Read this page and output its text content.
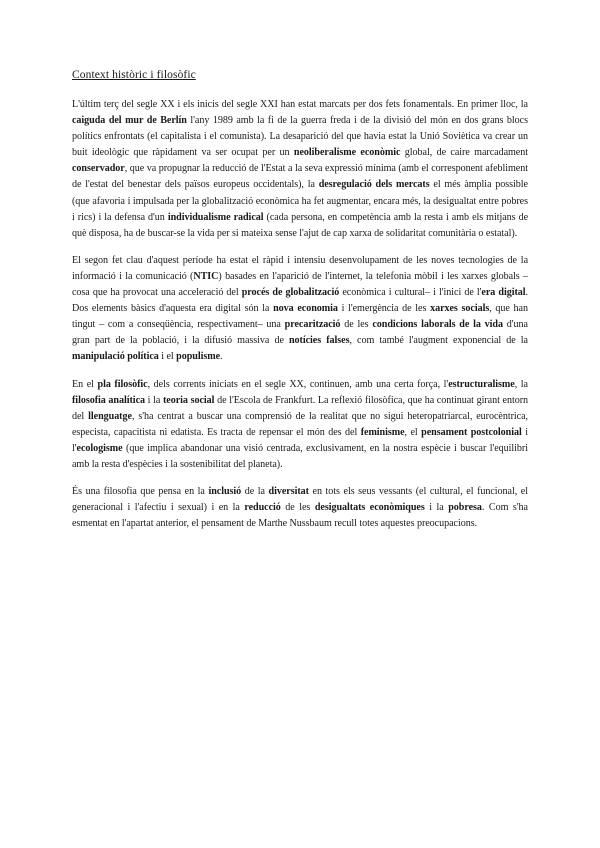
Context històric i filosòfic

L'últim terç del segle XX i els inicis del segle XXI han estat marcats per dos fets fonamentals. En primer lloc, la caiguda del mur de Berlín l'any 1989 amb la fi de la guerra freda i de la divisió del món en dos grans blocs polítics enfrontats (el capitalista i el comunista). La desaparició del que havia estat la Unió Soviètica va crear un buit ideològic que ràpidament va ser ocupat per un neoliberalisme econòmic global, de caire marcadament conservador, que va propugnar la reducció de l'Estat a la seva expressió mínima (amb el corresponent afebliment de l'estat del benestar dels països europeus occidentals), la desregulació dels mercats el més àmplia possible (que afavoria i impulsada per la globalització econòmica ha fet augmentar, encara més, la desigualtat entre pobres i rics) i la defensa d'un individualisme radical (cada persona, en competència amb la resta i amb els mitjans de què disposa, ha de buscar-se la vida per si mateixa sense l'ajut de cap xarxa de solidaritat comunitària o estatal).

El segon fet clau d'aquest període ha estat el ràpid i intensiu desenvolupament de les noves tecnologies de la informació i la comunicació (NTIC) basades en l'aparició de l'internet, la telefonia mòbil i les xarxes globals –cosa que ha provocat una acceleració del procés de globalització econòmica i cultural– i l'inici de l'era digital. Dos elements bàsics d'aquesta era digital són la nova economia i l'emergència de les xarxes socials, que han tingut – com a conseqüència, respectivament– una precarització de les condicions laborals de la vida d'una gran part de la població, i la difusió massiva de notícies falses, com també l'augment exponencial de la manipulació política i el populisme.

En el pla filosòfic, dels corrents iniciats en el segle XX, continuen, amb una certa força, l'estructuralisme, la filosofia analítica i la teoria social de l'Escola de Frankfurt. La reflexió filosòfica, que ha continuat girant entorn del llenguatge, s'ha centrat a buscar una comprensió de la realitat que no sigui heteropatriarcal, eurocèntrica, especista, capacitista ni edatista. Es tracta de repensar el món des del feminisme, el pensament postcolonial i l'ecologisme (que implica abandonar una visió centrada, exclusivament, en la nostra espècie i buscar l'equilibri amb la resta d'espècies i la sostenibilitat del planeta).

És una filosofia que pensa en la inclusió de la diversitat en tots els seus vessants (el cultural, el funcional, el generacional i l'afectiu i sexual) i en la reducció de les desigualtats econòmiques i la pobresa. Com s'ha esmentat en l'apartat anterior, el pensament de Marthe Nussbaum recull totes aquestes preocupacions.
